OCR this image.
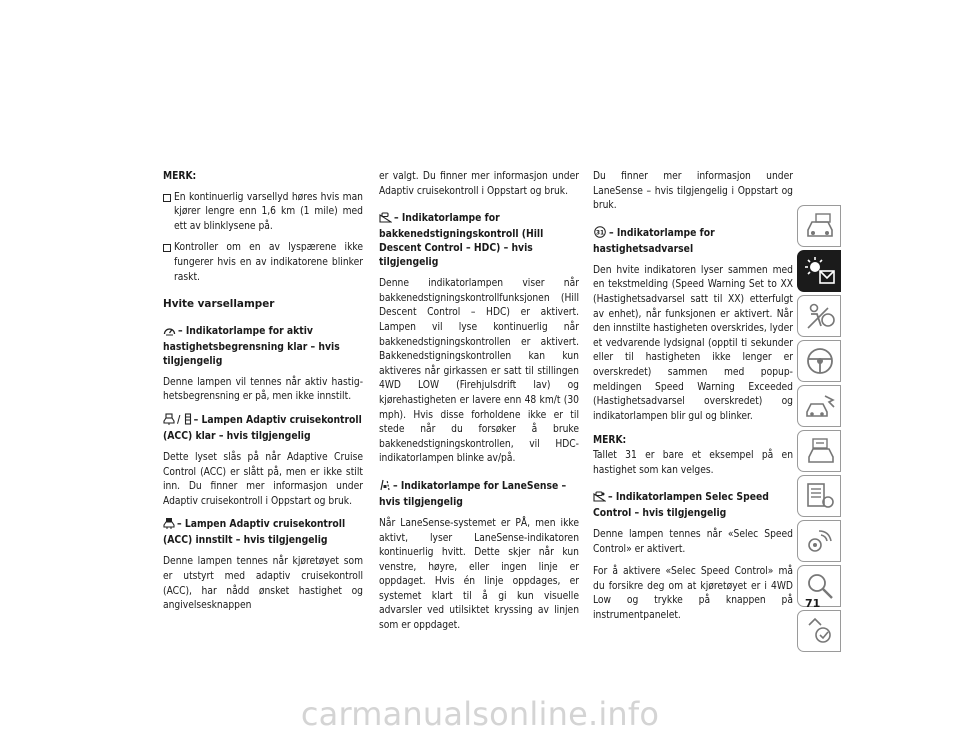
MERK:

En kontinuerlig varsellyd høres hvis man kjører lengre enn 1,6 km (1 mile) med ett av blinklysene på.
Kontroller om en av lyspærene ikke fungerer hvis en av indikatorene blinker raskt.
Hvite varsellamper
– Indikatorlampe for aktiv hastighetsbegrensning klar – hvis tilgjengelig

Denne lampen vil tennes når aktiv hastighetsbegrensning er på, men ikke innstilt.

/ – Lampen Adaptiv cruisekontroll (ACC) klar – hvis tilgjengelig

Dette lyset slås på når Adaptive Cruise Control (ACC) er slått på, men er ikke stilt inn. Du finner mer informasjon under Adaptiv cruisekontroll i Oppstart og bruk.

– Lampen Adaptiv cruisekontroll (ACC) innstilt – hvis tilgjengelig

Denne lampen tennes når kjøretøyet som er utstyrt med adaptiv cruisekontroll (ACC), har nådd ønsket hastighet og angivelsesknappen

er valgt. Du finner mer informasjon under Adaptiv cruisekontroll i Oppstart og bruk.

– Indikatorlampe for bakkenedstigningskontroll (Hill Descent Control – HDC) – hvis tilgjengelig

Denne indikatorlampen viser når bakkenedstigningskontrollfunksjonen (Hill Descent Control – HDC) er aktivert. Lampen vil lyse kontinuerlig når bakkenedstigningskontrollen er aktivert. Bakkenedstigningskontrollen kan kun aktiveres når girkassen er satt til stillingen 4WD LOW (Firehjulsdrift lav) og kjørehastigheten er lavere enn 48 km/t (30 mph). Hvis disse forholdene ikke er til stede når du forsøker å bruke bakkenedstigningskontrollen, vil HDC-indikatorlampen blinke av/på.

– Indikatorlampe for LaneSense – hvis tilgjengelig

Når LaneSense-systemet er PÅ, men ikke aktivt, lyser LaneSense-indikatoren kontinuerlig hvitt. Dette skjer når kun venstre, høyre, eller ingen linje er oppdaget. Hvis én linje oppdages, er systemet klart til å gi kun visuelle advarsler ved utilsiktet kryssing av linjen som er oppdaget.

Du finner mer informasjon under LaneSense – hvis tilgjengelig i Oppstart og bruk.

31 – Indikatorlampe for hastighetsadvarsel

Den hvite indikatoren lyser sammen med en tekstmelding (Speed Warning Set to XX (Hastighetsadvarsel satt til XX) etterfulgt av enhet), når funksjonen er aktivert. Når den innstilte hastigheten overskrides, lyder et vedvarende lydsignal (opptil ti sekunder eller til hastigheten ikke lenger er overskredet) sammen med popup-meldingen Speed Warning Exceeded (Hastighetsadvarsel overskredet) og indikatorlampen blir gul og blinker.

MERK:
Tallet 31 er bare et eksempel på en hastighet som kan velges.

– Indikatorlampen Selec Speed Control – hvis tilgjengelig

Denne lampen tennes når «Selec Speed Control» er aktivert.

For å aktivere «Selec Speed Control» må du forsikre deg om at kjøretøyet er i 4WD Low og trykke på knappen på instrumentpanelet.

71
carmanualsonline.info
